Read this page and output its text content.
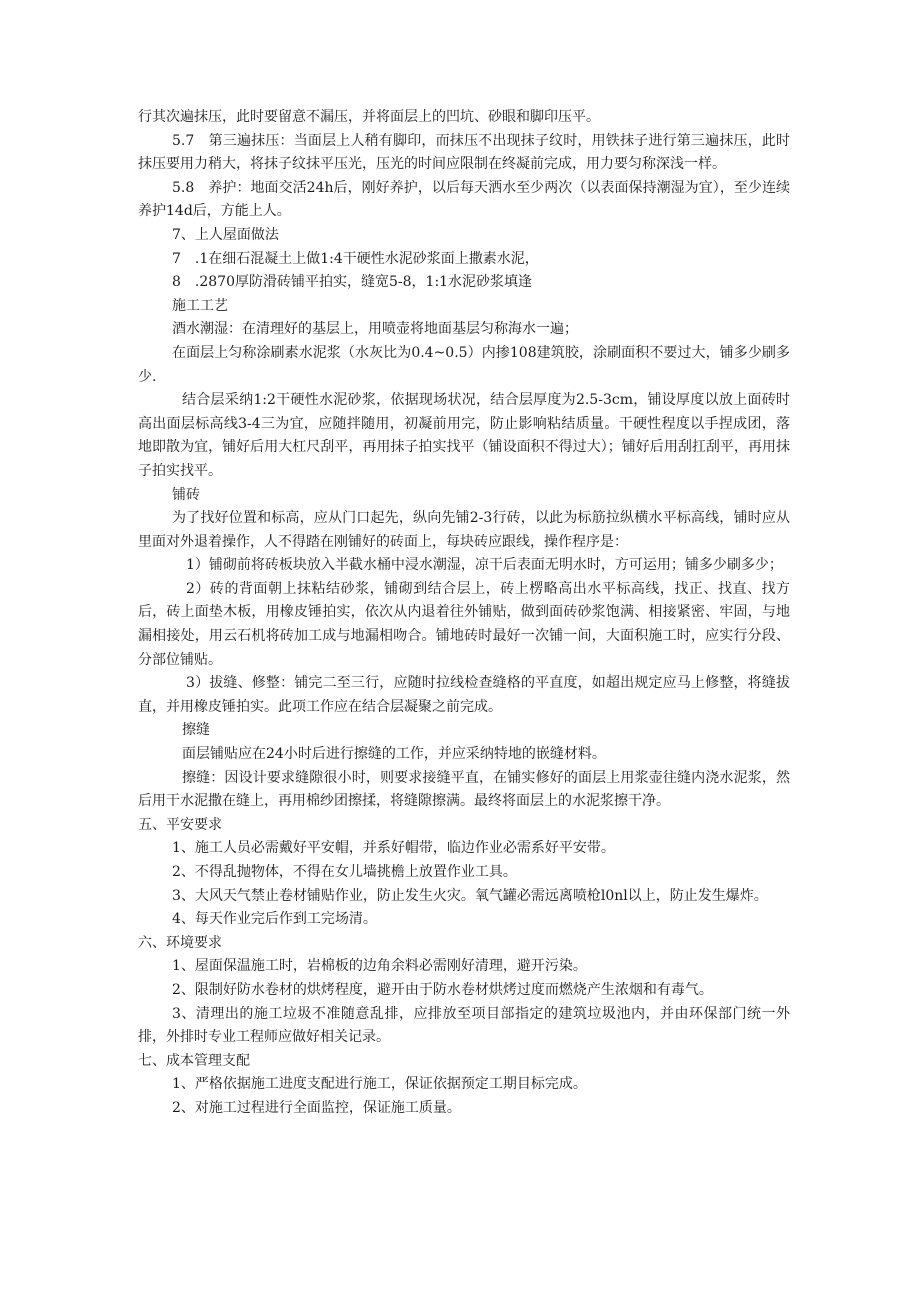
行其次遍抹压，此时要留意不漏压，并将面层上的凹坑、砂眼和脚印压平。

5.7　第三遍抹压：当面层上人稍有脚印，而抹压不出现抹子纹时，用铁抹子进行第三遍抹压，此时抹压要用力稍大，将抹子纹抹平压光，压光的时间应限制在终凝前完成，用力要匀称深浅一样。

5.8　养护：地面交活24h后，刚好养护，以后每天洒水至少两次（以表面保持潮湿为宜），至少连续养护14d后，方能上人。

7、上人屋面做法

7　.1在细石混凝土上做1:4干硬性水泥砂浆面上撒素水泥，

8　.2870厚防滑砖铺平拍实，缝宽5-8，1:1水泥砂浆填逢

施工工艺

酒水潮湿：在清理好的基层上，用喷壶将地面基层匀称海水一遍；

在面层上匀称涂刷素水泥浆（水灰比为0.4~0.5）内掺108建筑胶，涂刷面积不要过大，铺多少刷多少.

结合层采纳1:2干硬性水泥砂浆，依据现场状况，结合层厚度为2.5-3cm，铺设厚度以放上面砖时高出面层标高线3-4三为宜，应随拌随用，初凝前用完，防止影响粘结质量。干硬性程度以手捏成团，落地即散为宜，铺好后用大杠尺刮平，再用抹子拍实找平（铺设面积不得过大）；铺好后用刮扛刮平，再用抹子拍实找平。

铺砖

为了找好位置和标高，应从门口起先，纵向先铺2-3行砖，以此为标筋拉纵横水平标高线，铺时应从里面对外退着操作，人不得踏在刚铺好的砖面上，每块砖应跟线，操作程序是：

1）铺砌前将砖板块放入半截水桶中浸水潮湿，凉干后表面无明水时，方可运用；铺多少刷多少；

2）砖的背面朝上抹粘结砂浆，铺砌到结合层上，砖上楞略高出水平标高线，找正、找直、找方后，砖上面垫木板，用橡皮锤拍实，依次从内退着往外铺贴，做到面砖砂浆饱满、相接紧密、牢固，与地漏相接处，用云石机将砖加工成与地漏相吻合。铺地砖时最好一次铺一间，大面积施工时，应实行分段、分部位铺贴。

3）拔缝、修整：铺完二至三行，应随时拉线检查缝格的平直度，如超出规定应马上修整，将缝拔直，并用橡皮锤拍实。此项工作应在结合层凝聚之前完成。

擦缝

面层铺贴应在24小时后进行擦缝的工作，并应采纳特地的嵌缝材料。

擦缝：因设计要求缝隙很小时，则要求接缝平直，在铺实修好的面层上用浆壶往缝内浇水泥浆，然后用干水泥撒在缝上，再用棉纱团擦揉，将缝隙擦满。最终将面层上的水泥浆擦干净。

五、平安要求

1、施工人员必需戴好平安帽，并系好帽带，临边作业必需系好平安带。

2、不得乱抛物体，不得在女儿墙挑檐上放置作业工具。

3、大风天气禁止卷材铺贴作业，防止发生火灾。氧气罐必需远离喷枪l0nl以上，防止发生爆炸。

4、每天作业完后作到工完场清。

六、环境要求

1、屋面保温施工时，岩棉板的边角余料必需刚好清理，避开污染。

2、限制好防水卷材的烘烤程度，避开由于防水卷材烘烤过度而燃烧产生浓烟和有毒气。

3、清理出的施工垃圾不准随意乱排，应排放至项目部指定的建筑垃圾池内，并由环保部门统一外排，外排时专业工程师应做好相关记录。

七、成本管理支配

1、严格依据施工进度支配进行施工，保证依据预定工期目标完成。

2、对施工过程进行全面监控，保证施工质量。
